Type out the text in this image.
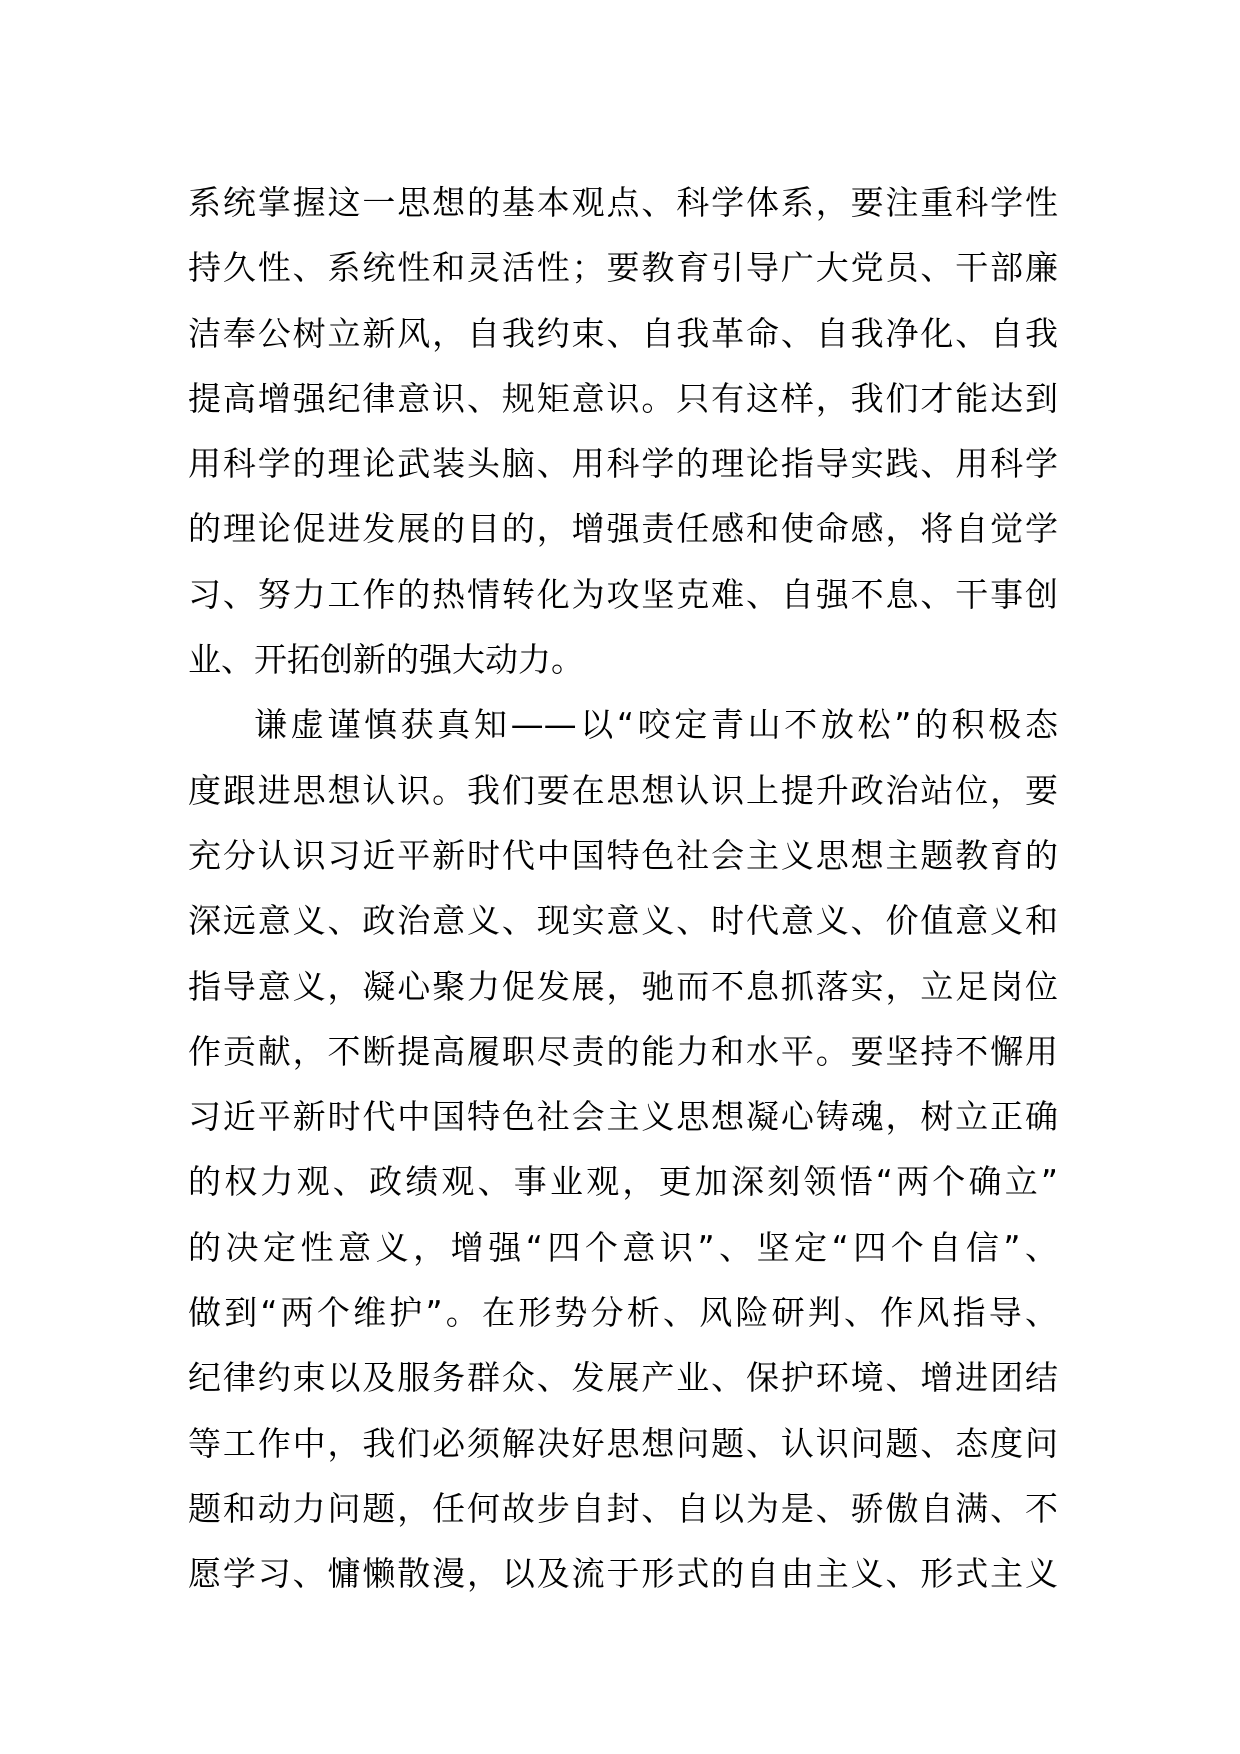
系统掌握这一思想的基本观点、科学体系，要注重科学性
持久性、系统性和灵活性；要教育引导广大党员、干部廉
洁奉公树立新风，自我约束、自我革命、自我净化、自我
提高增强纪律意识、规矩意识。只有这样，我们才能达到
用科学的理论武装头脑、用科学的理论指导实践、用科学
的理论促进发展的目的，增强责任感和使命感，将自觉学
习、努力工作的热情转化为攻坚克难、自强不息、干事创
业、开拓创新的强大动力。
谦虚谨慎获真知——以“咬定青山不放松”的积极态
度跟进思想认识。我们要在思想认识上提升政治站位，要
充分认识习近平新时代中国特色社会主义思想主题教育的
深远意义、政治意义、现实意义、时代意义、价值意义和
指导意义，凝心聚力促发展，驰而不息抓落实，立足岗位
作贡献，不断提高履职尽责的能力和水平。要坚持不懈用
习近平新时代中国特色社会主义思想凝心铸魂，树立正确
的权力观、政绩观、事业观，更加深刻领悟“两个确立”
的决定性意义，增强“四个意识”、坚定“四个自信”、
做到“两个维护”。在形势分析、风险研判、作风指导、
纪律约束以及服务群众、发展产业、保护环境、增进团结
等工作中，我们必须解决好思想问题、认识问题、态度问
题和动力问题，任何故步自封、自以为是、骄傲自满、不
愿学习、慵懒散漫，以及流于形式的自由主义、形式主义
